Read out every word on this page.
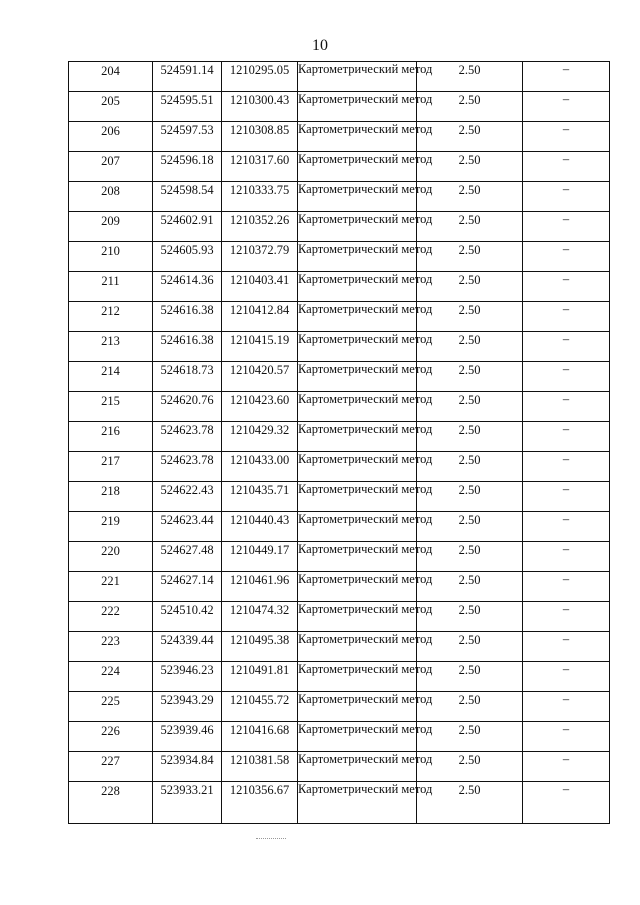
10
204	524591.14	1210295.05	Картометрический метод	2.50	–

205	524595.51	1210300.43	Картометрический метод	2.50	–

206	524597.53	1210308.85	Картометрический метод	2.50	–

207	524596.18	1210317.60	Картометрический метод	2.50	–

208	524598.54	1210333.75	Картометрический метод	2.50	–

209	524602.91	1210352.26	Картометрический метод	2.50	–

210	524605.93	1210372.79	Картометрический метод	2.50	–

211	524614.36	1210403.41	Картометрический метод	2.50	–

212	524616.38	1210412.84	Картометрический метод	2.50	–

213	524616.38	1210415.19	Картометрический метод	2.50	–

214	524618.73	1210420.57	Картометрический метод	2.50	–

215	524620.76	1210423.60	Картометрический метод	2.50	–

216	524623.78	1210429.32	Картометрический метод	2.50	–

217	524623.78	1210433.00	Картометрический метод	2.50	–

218	524622.43	1210435.71	Картометрический метод	2.50	–

219	524623.44	1210440.43	Картометрический метод	2.50	–

220	524627.48	1210449.17	Картометрический метод	2.50	–

221	524627.14	1210461.96	Картометрический метод	2.50	–

222	524510.42	1210474.32	Картометрический метод	2.50	–

223	524339.44	1210495.38	Картометрический метод	2.50	–

224	523946.23	1210491.81	Картометрический метод	2.50	–

225	523943.29	1210455.72	Картометрический метод	2.50	–

226	523939.46	1210416.68	Картометрический метод	2.50	–

227	523934.84	1210381.58	Картометрический метод	2.50	–

228	523933.21	1210356.67	Картометрический метод	2.50	–
